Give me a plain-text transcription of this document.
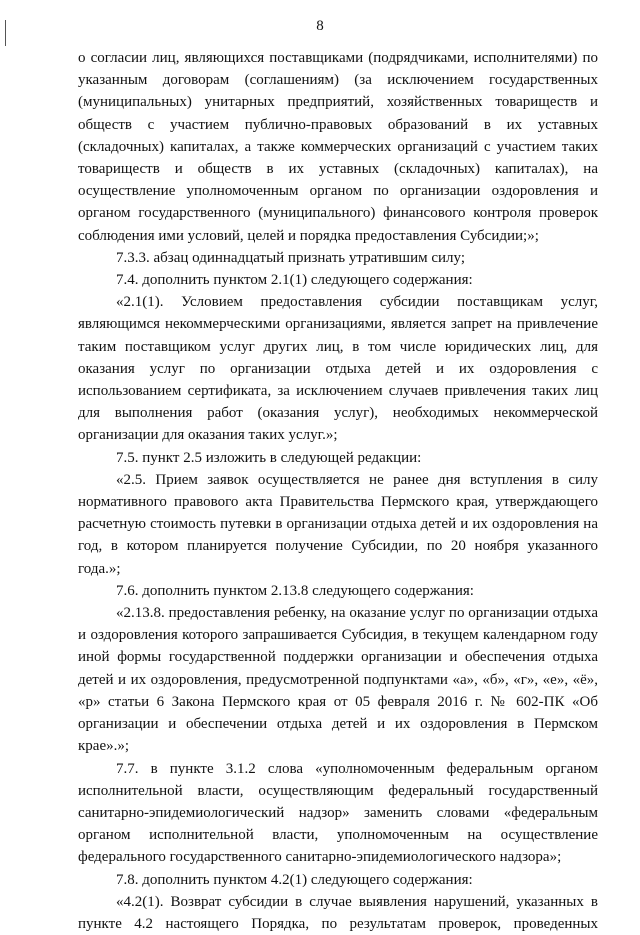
8

о согласии лиц, являющихся поставщиками (подрядчиками, исполнителями) по указанным договорам (соглашениям) (за исключением государственных (муниципальных) унитарных предприятий, хозяйственных товариществ и обществ с участием публично-правовых образований в их уставных (складочных) капиталах, а также коммерческих организаций с участием таких товариществ и обществ в их уставных (складочных) капиталах), на осуществление уполномоченным органом по организации оздоровления и органом государственного (муниципального) финансового контроля проверок соблюдения ими условий, целей и порядка предоставления Субсидии;»;

7.3.3. абзац одиннадцатый признать утратившим силу;

7.4. дополнить пунктом 2.1(1) следующего содержания:

«2.1(1). Условием предоставления субсидии поставщикам услуг, являющимся некоммерческими организациями, является запрет на привлечение таким поставщиком услуг других лиц, в том числе юридических лиц, для оказания услуг по организации отдыха детей и их оздоровления с использованием сертификата, за исключением случаев привлечения таких лиц для выполнения работ (оказания услуг), необходимых некоммерческой организации для оказания таких услуг.»;

7.5. пункт 2.5 изложить в следующей редакции:

«2.5. Прием заявок осуществляется не ранее дня вступления в силу нормативного правового акта Правительства Пермского края, утверждающего расчетную стоимость путевки в организации отдыха детей и их оздоровления на год, в котором планируется получение Субсидии, по 20 ноября указанного года.»;

7.6. дополнить пунктом 2.13.8 следующего содержания:

«2.13.8. предоставления ребенку, на оказание услуг по организации отдыха и оздоровления которого запрашивается Субсидия, в текущем календарном году иной формы государственной поддержки организации и обеспечения отдыха детей и их оздоровления, предусмотренной подпунктами «а», «б», «г», «е», «ё», «р» статьи 6 Закона Пермского края от 05 февраля 2016 г. № 602-ПК «Об организации и обеспечении отдыха детей и их оздоровления в Пермском крае».»;

7.7. в пункте 3.1.2 слова «уполномоченным федеральным органом исполнительной власти, осуществляющим федеральный государственный санитарно-эпидемиологический надзор» заменить словами «федеральным органом исполнительной власти, уполномоченным на осуществление федерального государственного санитарно-эпидемиологического надзора»;

7.8. дополнить пунктом 4.2(1) следующего содержания:

«4.2(1). Возврат субсидии в случае выявления нарушений, указанных в пункте 4.2 настоящего Порядка, по результатам проверок, проведенных
